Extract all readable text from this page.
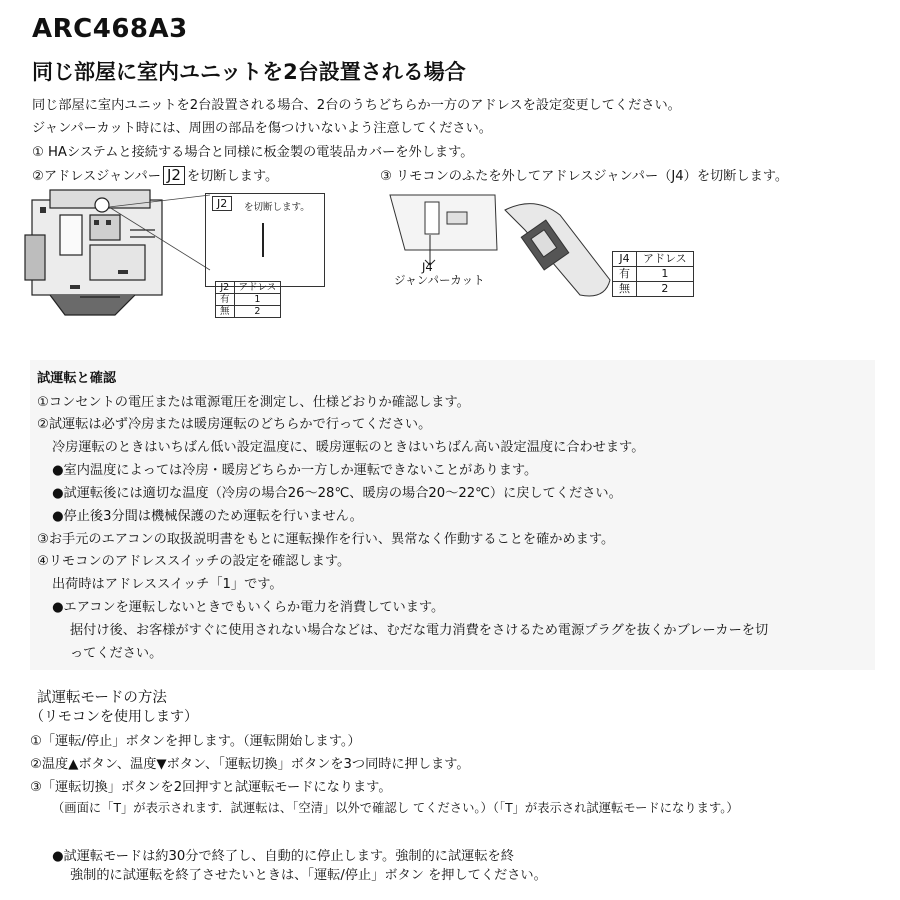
ARC468A3
同じ部屋に室内ユニットを2台設置される場合
同じ部屋に室内ユニットを2台設置される場合、2台のうちどちらか一方のアドレスを設定変更してください。
ジャンパーカット時には、周囲の部品を傷つけいないよう注意してください。
① HAシステムと接続する場合と同様に板金製の電装品カバーを外します。
②アドレスジャンパー J2 を切断します。	③ リモコンのふたを外してアドレスジャンパー（J4）を切断します。
J2	を切断します。
J2	アドレス
有	1
無	2
J4
ジャンパーカット
J4	アドレス
有	1
無	2
試運転と確認
①コンセントの電圧または電源電圧を測定し、仕様どおりか確認します。
②試運転は必ず冷房または暖房運転のどちらかで行ってください。
冷房運転のときはいちばん低い設定温度に、暖房運転のときはいちばん高い設定温度に合わせます。
●室内温度によっては冷房・暖房どちらか一方しか運転できないことがあります。
●試運転後には適切な温度（冷房の場合26～28℃、暖房の場合20～22℃）に戻してください。
●停止後3分間は機械保護のため運転を行いません。
③お手元のエアコンの取扱説明書をもとに運転操作を行い、異常なく作動することを確かめます。
④リモコンのアドレススイッチの設定を確認します。
出荷時はアドレススイッチ「1」です。
●エアコンを運転しないときでもいくらか電力を消費しています。
据付け後、お客様がすぐに使用されない場合などは、むだな電力消費をさけるため電源プラグを抜くかブレーカーを切
ってください。
試運転モードの方法
（リモコンを使用します）
①「運転/停止」ボタンを押します。（運転開始します。）
②温度▲ボタン、温度▼ボタン、「運転切換」ボタンを3つ同時に押します。
③「運転切換」ボタンを2回押すと試運転モードになります。
（画面に「T」が表示されます．試運転は、「空清」以外で確認し てください。）（「T」が表示され試運転モードになります。）
●試運転モードは約30分で終了し、自動的に停止します。強制的に試運転を終
強制的に試運転を終了させたいときは、「運転/停止」ボタン を押してください。
